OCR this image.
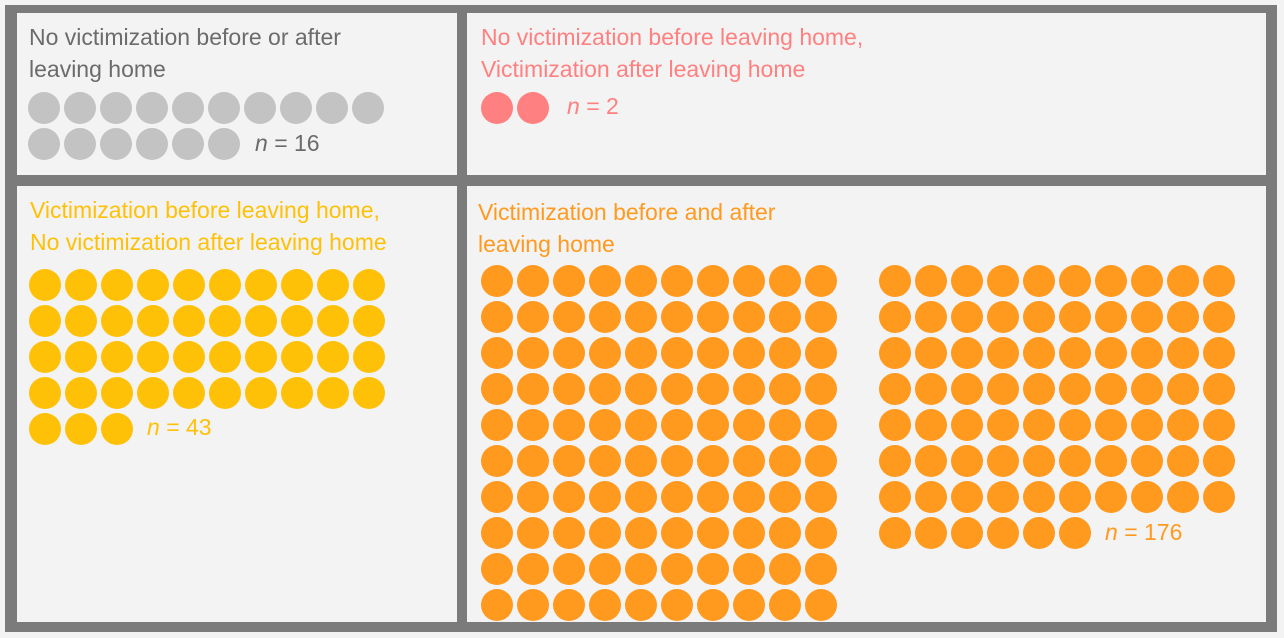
No victimization before or after
leaving home
n = 16
No victimization before leaving home,
Victimization after leaving home
n = 2
Victimization before leaving home,
No victimization after leaving home
n = 43
Victimization before and after
leaving home
n = 176
